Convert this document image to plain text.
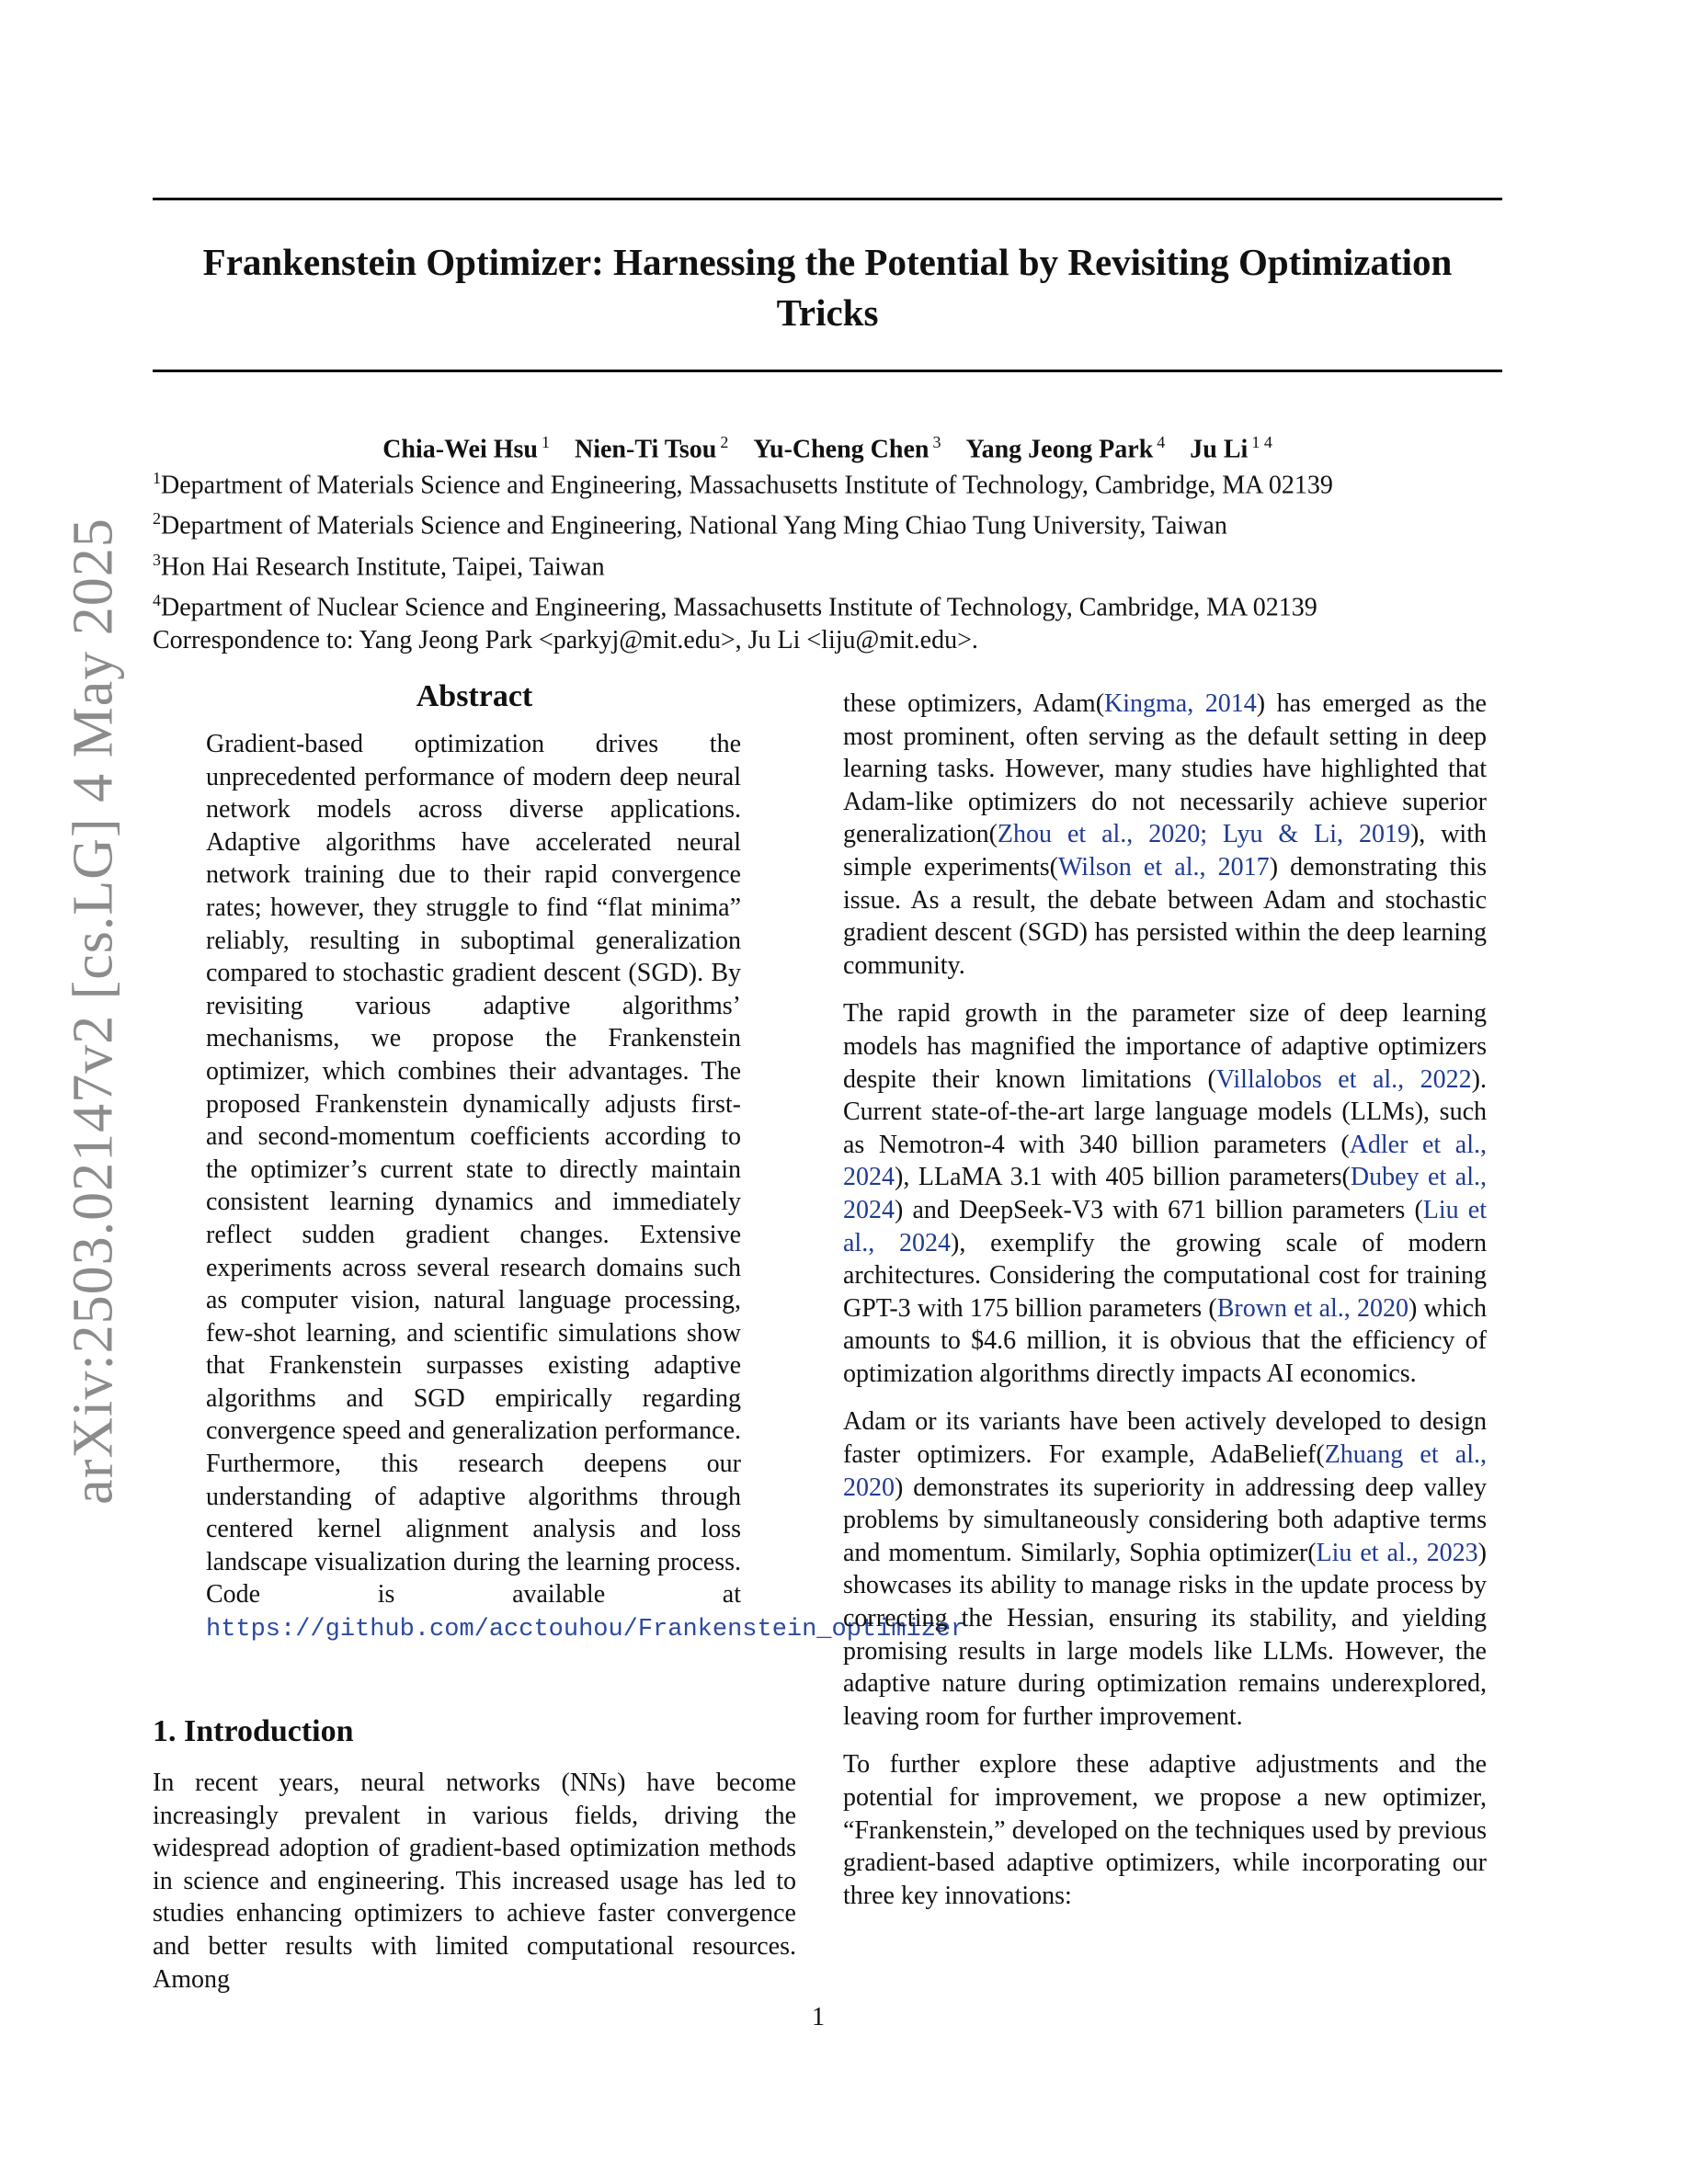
Frankenstein Optimizer: Harnessing the Potential by Revisiting Optimization Tricks
Chia-Wei Hsu $^1$ Nien-Ti Tsou $^2$ Yu-Cheng Chen $^3$ Yang Jeong Park $^4$ Ju Li $^{1 4}$

$^1$Department of Materials Science and Engineering, Massachusetts Institute of Technology, Cambridge, MA 02139

$^2$Department of Materials Science and Engineering, National Yang Ming Chiao Tung University, Taiwan

$^3$Hon Hai Research Institute, Taipei, Taiwan

$^4$Department of Nuclear Science and Engineering, Massachusetts Institute of Technology, Cambridge, MA 02139

Correspondence to: Yang Jeong Park <parkyj@mit.edu>, Ju Li <liju@mit.edu>.

arXiv:2503.02147v2 [cs.LG] 4 May 2025	Abstract

Gradient-based optimization drives the unprecedented performance of modern deep neural network models across diverse applications. Adaptive algorithms have accelerated neural network training due to their rapid convergence rates; however, they struggle to find “flat minima” reliably, resulting in suboptimal generalization compared to stochastic gradient descent (SGD). By revisiting various adaptive algorithms’ mechanisms, we propose the Frankenstein optimizer, which combines their advantages. The proposed Frankenstein dynamically adjusts first- and second-momentum coefficients according to the optimizer’s current state to directly maintain consistent learning dynamics and immediately reflect sudden gradient changes. Extensive experiments across several research domains such as computer vision, natural language processing, few-shot learning, and scientific simulations show that Frankenstein surpasses existing adaptive algorithms and SGD empirically regarding convergence speed and generalization performance. Furthermore, this research deepens our understanding of adaptive algorithms through centered kernel alignment analysis and loss landscape visualization during the learning process. Code is available at https://github.com/acctouhou/Frankenstein_optimizer

1. Introduction

In recent years, neural networks (NNs) have become increasingly prevalent in various fields, driving the widespread adoption of gradient-based optimization methods in science and engineering. This increased usage has led to studies enhancing optimizers to achieve faster convergence and better results with limited computational resources. Among

these optimizers, Adam(Kingma, 2014) has emerged as the most prominent, often serving as the default setting in deep learning tasks. However, many studies have highlighted that Adam-like optimizers do not necessarily achieve superior generalization(Zhou et al., 2020; Lyu & Li, 2019), with simple experiments(Wilson et al., 2017) demonstrating this issue. As a result, the debate between Adam and stochastic gradient descent (SGD) has persisted within the deep learning community.

The rapid growth in the parameter size of deep learning models has magnified the importance of adaptive optimizers despite their known limitations (Villalobos et al., 2022). Current state-of-the-art large language models (LLMs), such as Nemotron-4 with 340 billion parameters (Adler et al., 2024), LLaMA 3.1 with 405 billion parameters(Dubey et al., 2024) and DeepSeek-V3 with 671 billion parameters (Liu et al., 2024), exemplify the growing scale of modern architectures. Considering the computational cost for training GPT-3 with 175 billion parameters (Brown et al., 2020) which amounts to $4.6 million, it is obvious that the efficiency of optimization algorithms directly impacts AI economics.

Adam or its variants have been actively developed to design faster optimizers. For example, AdaBelief(Zhuang et al., 2020) demonstrates its superiority in addressing deep valley problems by simultaneously considering both adaptive terms and momentum. Similarly, Sophia optimizer(Liu et al., 2023) showcases its ability to manage risks in the update process by correcting the Hessian, ensuring its stability, and yielding promising results in large models like LLMs. However, the adaptive nature during optimization remains underexplored, leaving room for further improvement.

To further explore these adaptive adjustments and the potential for improvement, we propose a new optimizer, “Frankenstein,” developed on the techniques used by previous gradient-based adaptive optimizers, while incorporating our three key innovations:

1
